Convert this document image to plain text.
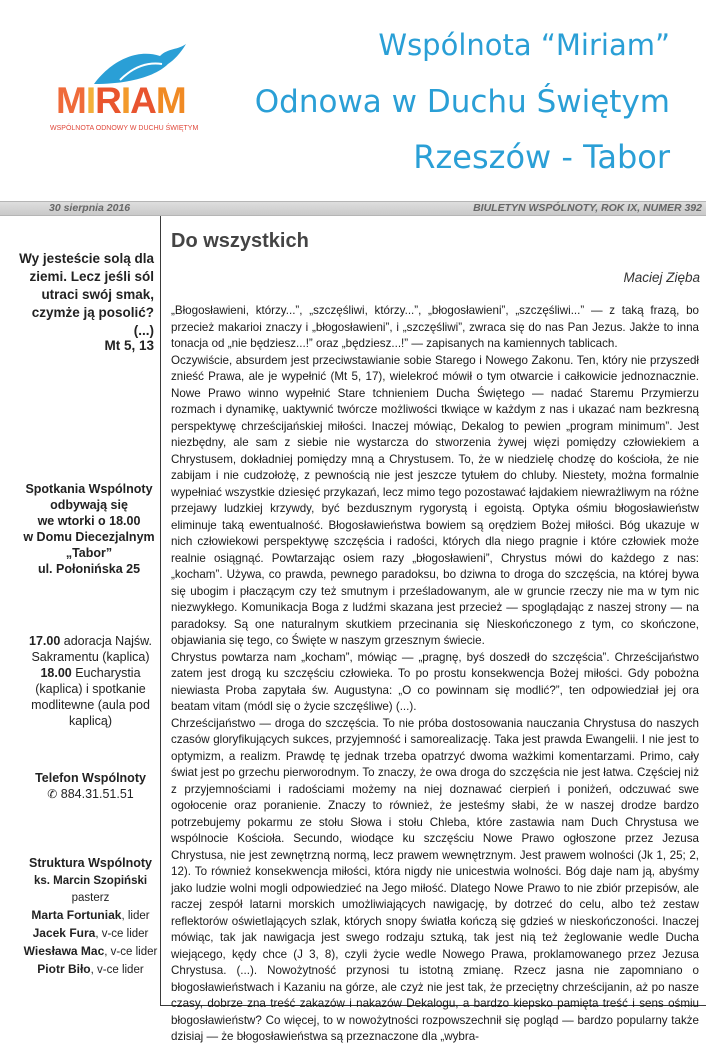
MIRIAM
WSPÓLNOTA ODNOWY W DUCHU ŚWIĘTYM
Wspólnota “Miriam”
Odnowa w Duchu Świętym
Rzeszów - Tabor
30 sierpnia 2016	BIULETYN WSPÓLNOTY, ROK IX, NUMER 392
Wy jesteście solą dla ziemi. Lecz jeśli sól utraci swój smak, czymże ją posolić? (...)
Mt 5, 13
Spotkania Wspólnoty
odbywają się
we wtorki o 18.00
w Domu Diecezjalnym
„Tabor”
ul. Połonińska 25
17.00 adoracja Najśw. Sakramentu (kaplica)
18.00 Eucharystia (kaplica) i spotkanie modlitewne (aula pod kaplicą)
Telefon Wspólnoty
✆ 884.31.51.51
Struktura Wspólnoty
ks. Marcin Szopiński
pasterz
Marta Fortuniak, lider
Jacek Fura, v-ce lider
Wiesława Mac, v-ce lider
Piotr Biło, v-ce lider
Do wszystkich
Maciej Zięba

„Błogosławieni, którzy...”, „szczęśliwi, którzy...”, „błogosławieni”, „szczęśliwi...” — z taką frazą, bo przecież makarioi znaczy i „błogosławieni”, i „szczęśliwi”, zwraca się do nas Pan Jezus. Jakże to inna tonacja od „nie będziesz...!” oraz „będziesz...!” — zapisanych na kamiennych tablicach.

Oczywiście, absurdem jest przeciwstawianie sobie Starego i Nowego Zakonu. Ten, który nie przyszedł znieść Prawa, ale je wypełnić (Mt 5, 17), wielekroć mówił o tym otwarcie i całkowicie jednoznacznie. Nowe Prawo winno wypełnić Stare tchnieniem Ducha Świętego — nadać Staremu Przymierzu rozmach i dynamikę, uaktywnić twórcze możliwości tkwiące w każdym z nas i ukazać nam bezkresną perspektywę chrześcijańskiej miłości. Inaczej mówiąc, Dekalog to pewien „program minimum”. Jest niezbędny, ale sam z siebie nie wystarcza do stworzenia żywej więzi pomiędzy człowiekiem a Chrystusem, dokładniej pomiędzy mną a Chrystusem. To, że w niedzielę chodzę do kościoła, że nie zabijam i nie cudzołożę, z pewnością nie jest jeszcze tytułem do chluby. Niestety, można formalnie wypełniać wszystkie dziesięć przykazań, lecz mimo tego pozostawać łajdakiem niewrażliwym na różne przejawy ludzkiej krzywdy, być bezdusznym rygorystą i egoistą. Optyka ośmiu błogosławieństw eliminuje taką ewentualność. Błogosławieństwa bowiem są orędziem Bożej miłości. Bóg ukazuje w nich człowiekowi perspektywę szczęścia i radości, których dla niego pragnie i które człowiek może realnie osiągnąć. Powtarzając osiem razy „błogosławieni”, Chrystus mówi do każdego z nas: „kocham”. Używa, co prawda, pewnego paradoksu, bo dziwna to droga do szczęścia, na której bywa się ubogim i płaczącym czy też smutnym i prześladowanym, ale w gruncie rzeczy nie ma w tym nic niezwykłego. Komunikacja Boga z ludźmi skazana jest przecież — spoglądając z naszej strony — na paradoksy. Są one naturalnym skutkiem przecinania się Nieskończonego z tym, co skończone, objawiania się tego, co Święte w naszym grzesznym świecie.

Chrystus powtarza nam „kocham”, mówiąc — „pragnę, byś doszedł do szczęścia”. Chrześcijaństwo zatem jest drogą ku szczęściu człowieka. To po prostu konsekwencja Bożej miłości. Gdy pobożna niewiasta Proba zapytała św. Augustyna: „O co powinnam się modlić?”, ten odpowiedział jej ora beatam vitam (módl się o życie szczęśliwe) (...).

Chrześcijaństwo — droga do szczęścia. To nie próba dostosowania nauczania Chrystusa do naszych czasów gloryfikujących sukces, przyjemność i samorealizację. Taka jest prawda Ewangelii. I nie jest to optymizm, a realizm. Prawdę tę jednak trzeba opatrzyć dwoma ważkimi komentarzami. Primo, cały świat jest po grzechu pierworodnym. To znaczy, że owa droga do szczęścia nie jest łatwa. Częściej niż z przyjemnościami i radościami możemy na niej doznawać cierpień i poniżeń, odczuwać swe ogołocenie oraz poranienie. Znaczy to również, że jesteśmy słabi, że w naszej drodze bardzo potrzebujemy pokarmu ze stołu Słowa i stołu Chleba, które zastawia nam Duch Chrystusa we wspólnocie Kościoła. Secundo, wiodące ku szczęściu Nowe Prawo ogłoszone przez Jezusa Chrystusa, nie jest zewnętrzną normą, lecz prawem wewnętrznym. Jest prawem wolności (Jk 1, 25; 2, 12). To również konsekwencja miłości, która nigdy nie unicestwia wolności. Bóg daje nam ją, abyśmy jako ludzie wolni mogli odpowiedzieć na Jego miłość. Dlatego Nowe Prawo to nie zbiór przepisów, ale raczej zespół latarni morskich umożliwiających nawigację, by dotrzeć do celu, albo też zestaw reflektorów oświetlających szlak, których snopy światła kończą się gdzieś w nieskończoności. Inaczej mówiąc, tak jak nawigacja jest swego rodzaju sztuką, tak jest nią też żeglowanie wedle Ducha wiejącego, kędy chce (J 3, 8), czyli życie wedle Nowego Prawa, proklamowanego przez Jezusa Chrystusa. (...). Nowożytność przynosi tu istotną zmianę. Rzecz jasna nie zapomniano o błogosławieństwach i Kazaniu na górze, ale czyż nie jest tak, że przeciętny chrześcijanin, aż po nasze czasy, dobrze zna treść zakazów i nakazów Dekalogu, a bardzo kiepsko pamięta treść i sens ośmiu błogosławieństw? Co więcej, to w nowożytności rozpowszechnił się pogląd — bardzo popularny także dzisiaj — że błogosławieństwa są przeznaczone dla „wybra-
